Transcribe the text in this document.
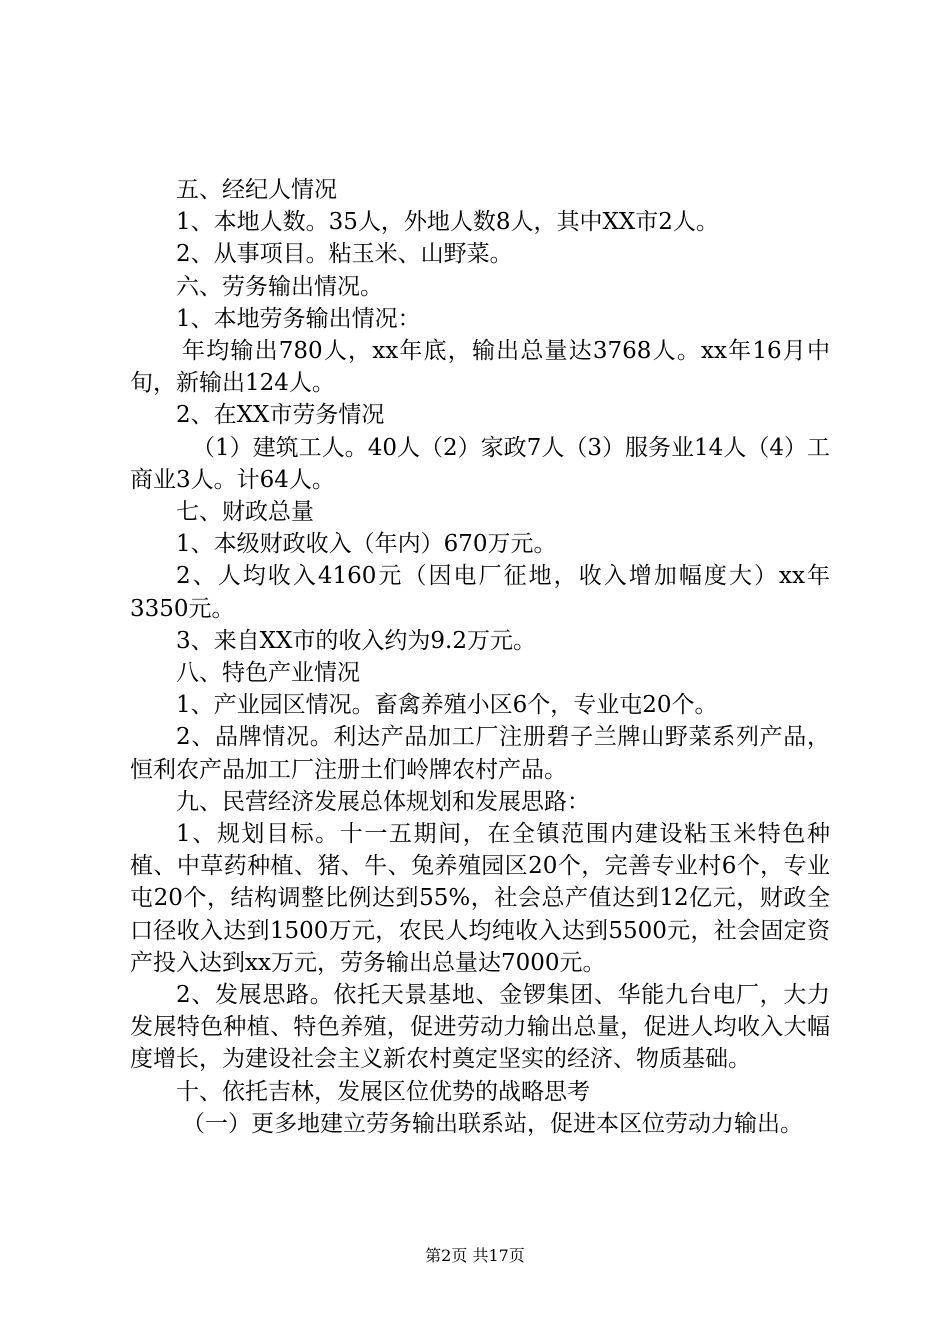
五、经纪人情况

1、本地人数。35人，外地人数8人，其中XX市2人。

2、从事项目。粘玉米、山野菜。

六、劳务输出情况。

1、本地劳务输出情况：

年均输出780人，xx年底，输出总量达3768人。xx年16月中旬，新输出124人。

2、在XX市劳务情况

（1）建筑工人。40人（2）家政7人（3）服务业14人（4）工商业3人。计64人。

七、财政总量

1、本级财政收入（年内）670万元。

2、人均收入4160元（因电厂征地，收入增加幅度大）xx年3350元。

3、来自XX市的收入约为9.2万元。

八、特色产业情况

1、产业园区情况。畜禽养殖小区6个，专业屯20个。

2、品牌情况。利达产品加工厂注册碧子兰牌山野菜系列产品，恒利农产品加工厂注册土们岭牌农村产品。

九、民营经济发展总体规划和发展思路：

1、规划目标。十一五期间，在全镇范围内建设粘玉米特色种植、中草药种植、猪、牛、兔养殖园区20个，完善专业村6个，专业屯20个，结构调整比例达到55%，社会总产值达到12亿元，财政全口径收入达到1500万元，农民人均纯收入达到5500元，社会固定资产投入达到xx万元，劳务输出总量达7000元。

2、发展思路。依托天景基地、金锣集团、华能九台电厂，大力发展特色种植、特色养殖，促进劳动力输出总量，促进人均收入大幅度增长，为建设社会主义新农村奠定坚实的经济、物质基础。

十、依托吉林，发展区位优势的战略思考

（一）更多地建立劳务输出联系站，促进本区位劳动力输出。

第2页 共17页
